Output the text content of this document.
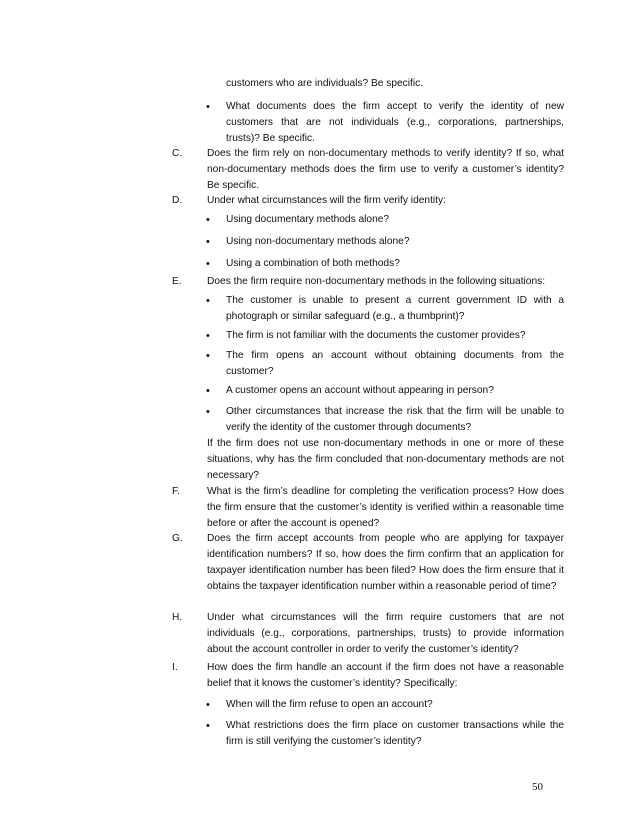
customers who are individuals? Be specific.
• What documents does the firm accept to verify the identity of new customers that are not individuals (e.g., corporations, partnerships, trusts)? Be specific.
C. Does the firm rely on non-documentary methods to verify identity? If so, what non-documentary methods does the firm use to verify a customer’s identity? Be specific.
D. Under what circumstances will the firm verify identity:
• Using documentary methods alone?
• Using non-documentary methods alone?
• Using a combination of both methods?
E. Does the firm require non-documentary methods in the following situations:
• The customer is unable to present a current government ID with a photograph or similar safeguard (e.g., a thumbprint)?
• The firm is not familiar with the documents the customer provides?
• The firm opens an account without obtaining documents from the customer?
• A customer opens an account without appearing in person?
• Other circumstances that increase the risk that the firm will be unable to verify the identity of the customer through documents?
If the firm does not use non-documentary methods in one or more of these situations, why has the firm concluded that non-documentary methods are not necessary?
F.	What is the firm’s deadline for completing the verification process? How does the firm ensure that the customer’s identity is verified within a reasonable time before or after the account is opened?
G. Does the firm accept accounts from people who are applying for taxpayer identification numbers? If so, how does the firm confirm that an application for taxpayer identification number has been filed? How does the firm ensure that it obtains the taxpayer identification number within a reasonable period of time?
H. Under what circumstances will the firm require customers that are not individuals (e.g., corporations, partnerships, trusts) to provide information about the account controller in order to verify the customer’s identity?
I.	How does the firm handle an account if the firm does not have a reasonable belief that it knows the customer’s identity? Specifically:
• When will the firm refuse to open an account?
• What restrictions does the firm place on customer transactions while the firm is still verifying the customer’s identity?
50
